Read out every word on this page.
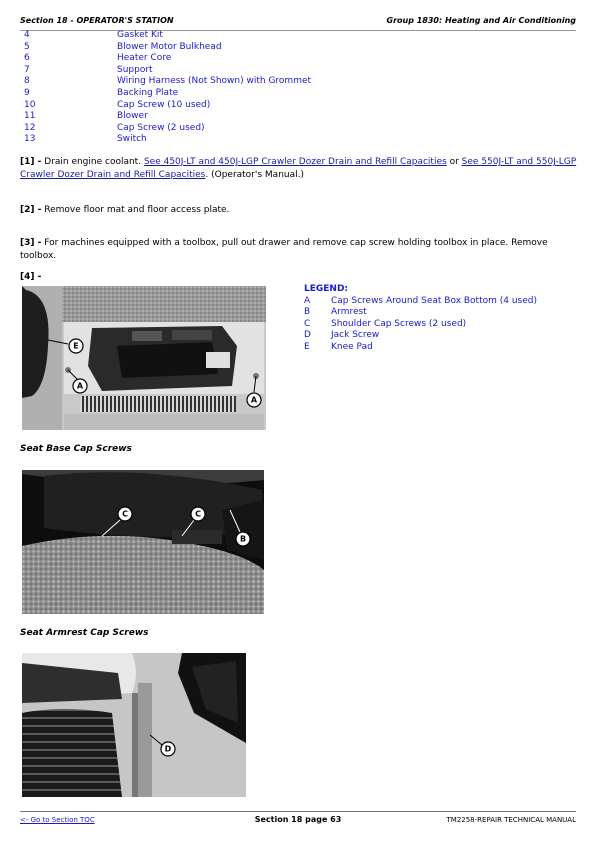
Section 18 - OPERATOR'S STATION	Group 1830: Heating and Air Conditioning
4	Gasket Kit
5	Blower Motor Bulkhead
6	Heater Core
7	Support
8	Wiring Harness (Not Shown) with Grommet
9	Backing Plate
10	Cap Screw (10 used)
11	Blower
12	Cap Screw (2 used)
13	Switch
[1] - Drain engine coolant. See 450J-LT and 450J-LGP Crawler Dozer Drain and Refill Capacities or See 550J-LT and 550J-LGP Crawler Dozer Drain and Refill Capacities. (Operator's Manual.)
[2] - Remove floor mat and floor access plate.
[3] - For machines equipped with a toolbox, pull out drawer and remove cap screw holding toolbox in place. Remove toolbox.
[4] -
E
A
A
LEGEND:
A Cap Screws Around Seat Box Bottom (4 used)
B Armrest
C Shoulder Cap Screws (2 used)
D Jack Screw
E Knee Pad
Seat Base Cap Screws
C	C
B
Seat Armrest Cap Screws
D
<- Go to Section TOC	Section 18 page 63	TM2258-REPAIR TECHNICAL MANUAL
